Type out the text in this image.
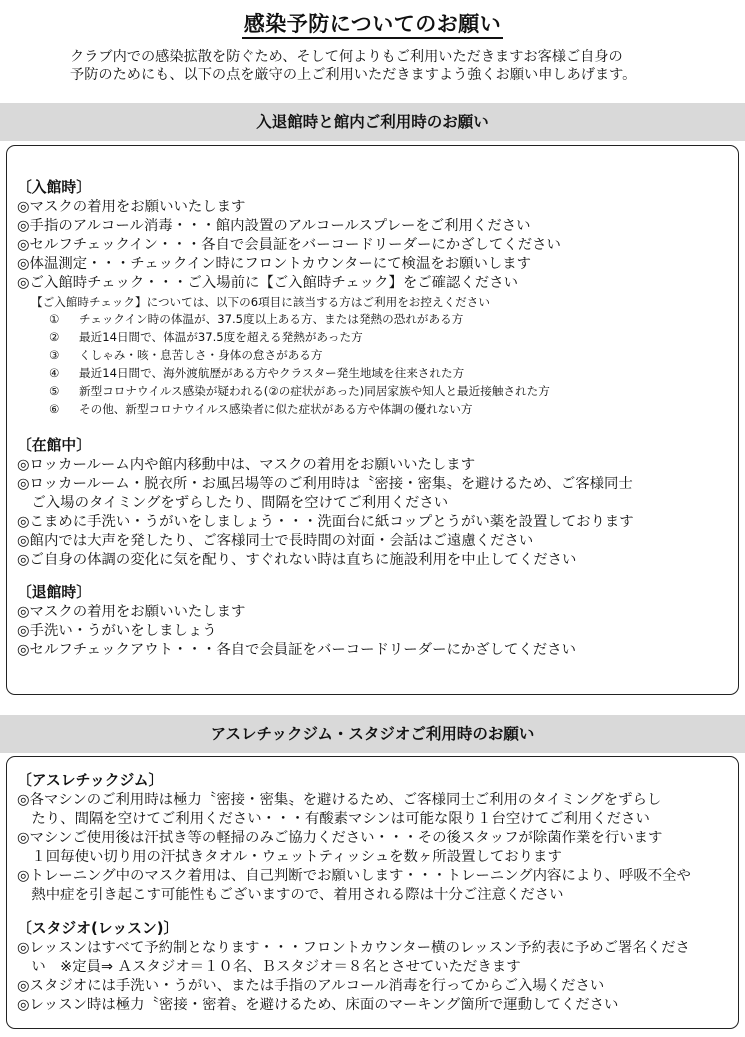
感染予防についてのお願い
クラブ内での感染拡散を防ぐため、そして何よりもご利用いただきますお客様ご自身の
予防のためにも、以下の点を厳守の上ご利用いただきますよう強くお願い申しあげます。
入退館時と館内ご利用時のお願い
〔入館時〕
◎マスクの着用をお願いいたします
◎手指のアルコール消毒・・・館内設置のアルコールスプレーをご利用ください
◎セルフチェックイン・・・各自で会員証をバーコードリーダーにかざしてください
◎体温測定・・・チェックイン時にフロントカウンターにて検温をお願いします
◎ご入館時チェック・・・ご入場前に【ご入館時チェック】をご確認ください
【ご入館時チェック】については、以下の6項目に該当する方はご利用をお控えください
① チェックイン時の体温が、37.5度以上ある方、または発熱の恐れがある方
② 最近14日間で、体温が37.5度を超える発熱があった方
③ くしゃみ・咳・息苦しさ・身体の怠さがある方
④ 最近14日間で、海外渡航歴がある方やクラスター発生地域を往来された方
⑤ 新型コロナウイルス感染が疑われる(②の症状があった)同居家族や知人と最近接触された方
⑥ その他、新型コロナウイルス感染者に似た症状がある方や体調の優れない方
〔在館中〕
◎ロッカールーム内や館内移動中は、マスクの着用をお願いいたします
◎ロッカールーム・脱衣所・お風呂場等のご利用時は〝密接・密集〟を避けるため、ご客様同士
　ご入場のタイミングをずらしたり、間隔を空けてご利用ください
◎こまめに手洗い・うがいをしましょう・・・洗面台に紙コップとうがい薬を設置しております
◎館内では大声を発したり、ご客様同士で長時間の対面・会話はご遠慮ください
◎ご自身の体調の変化に気を配り、すぐれない時は直ちに施設利用を中止してください
〔退館時〕
◎マスクの着用をお願いいたします
◎手洗い・うがいをしましょう
◎セルフチェックアウト・・・各自で会員証をバーコードリーダーにかざしてください
アスレチックジム・スタジオご利用時のお願い
〔アスレチックジム〕
◎各マシンのご利用時は極力〝密接・密集〟を避けるため、ご客様同士ご利用のタイミングをずらし
　たり、間隔を空けてご利用ください・・・有酸素マシンは可能な限り１台空けてご利用ください
◎マシンご使用後は汗拭き等の軽掃のみご協力ください・・・その後スタッフが除菌作業を行います
　１回毎使い切り用の汗拭きタオル・ウェットティッシュを数ヶ所設置しております
◎トレーニング中のマスク着用は、自己判断でお願いします・・・トレーニング内容により、呼吸不全や
　熱中症を引き起こす可能性もございますので、着用される際は十分ご注意ください
〔スタジオ(レッスン)〕
◎レッスンはすべて予約制となります・・・フロントカウンター横のレッスン予約表に予めご署名くださ
　い　※定員⇒ Ａスタジオ＝１０名、Ｂスタジオ＝８名とさせていただきます
◎スタジオには手洗い・うがい、または手指のアルコール消毒を行ってからご入場ください
◎レッスン時は極力〝密接・密着〟を避けるため、床面のマーキング箇所で運動してください
